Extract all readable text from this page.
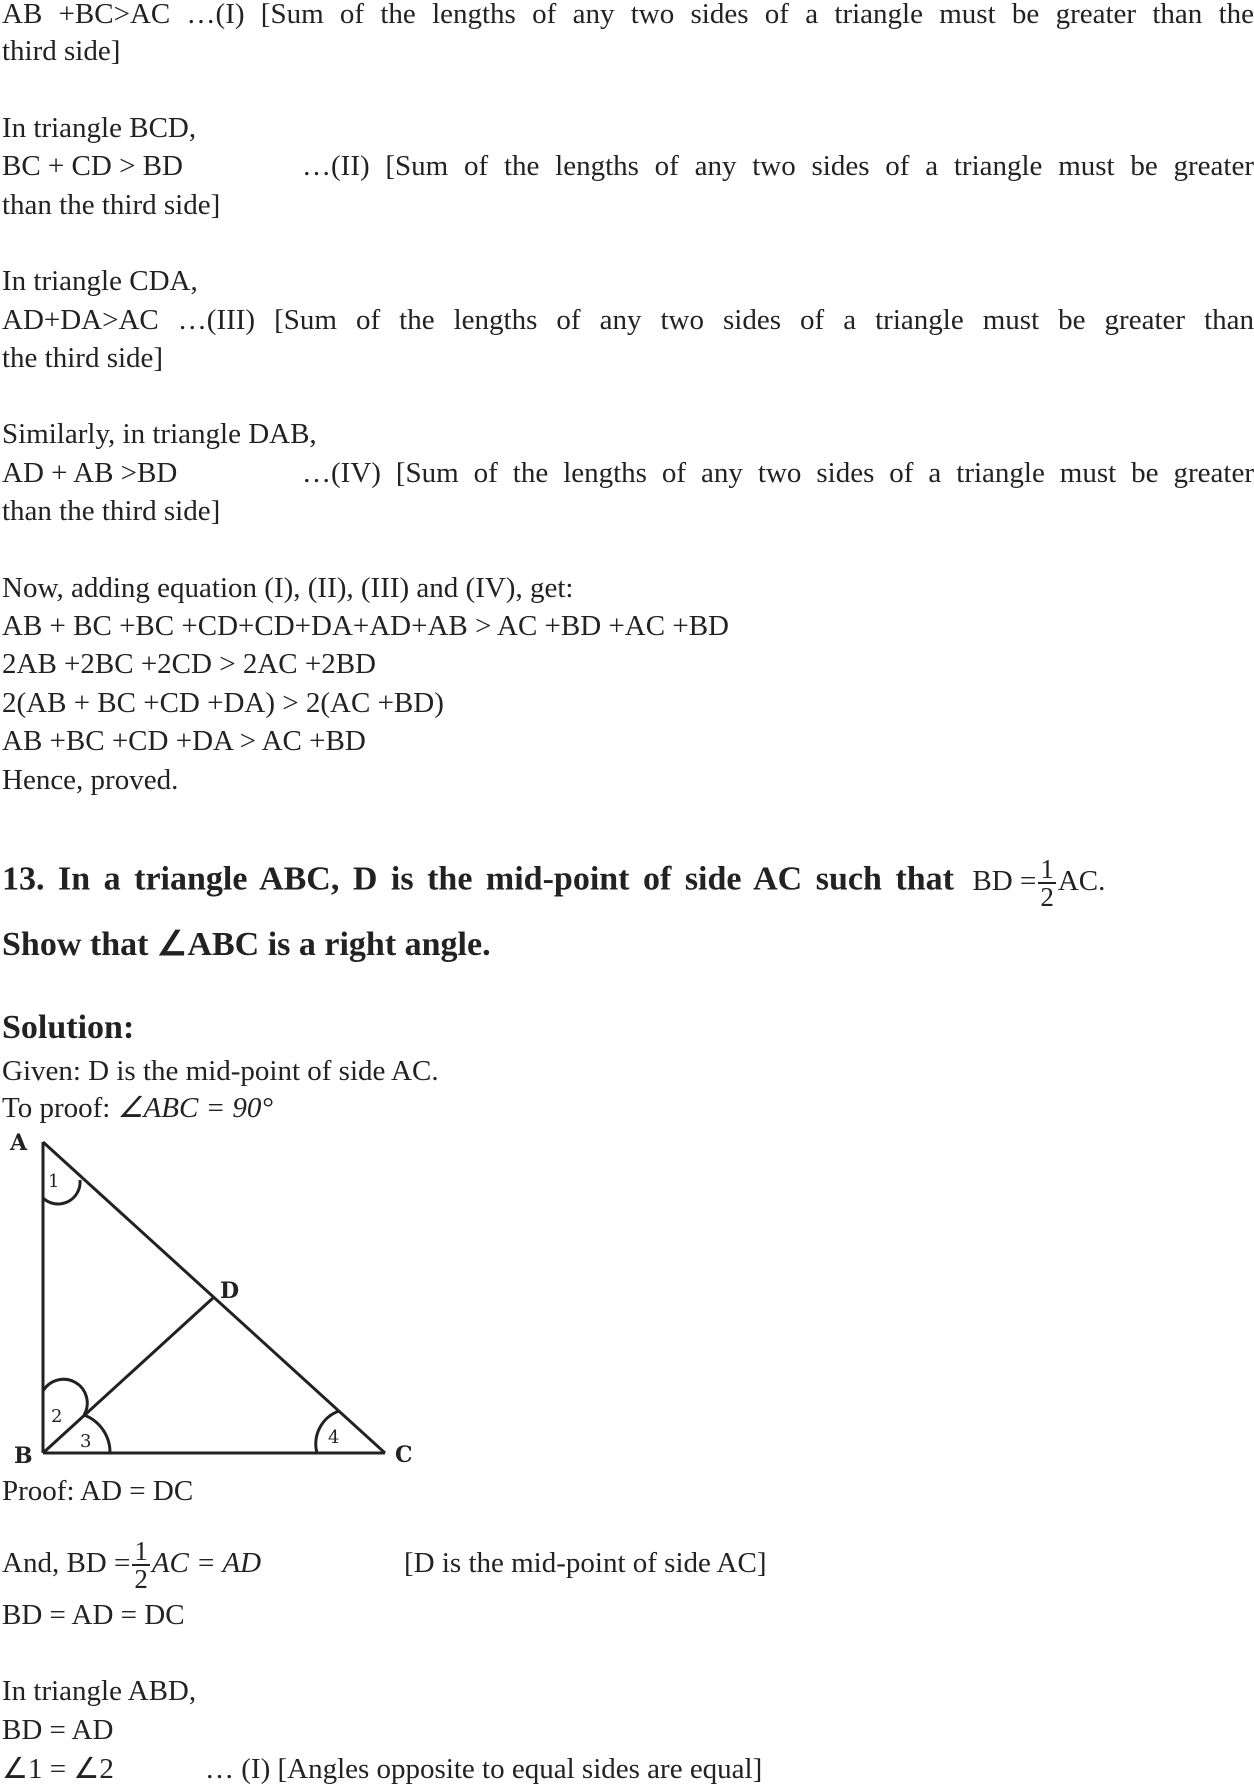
AB +BC>AC …(I) [Sum of the lengths of any two sides of a triangle must be greater than the
third side]
In triangle BCD,
BC + CD > BD	…(II) [Sum of the lengths of any two sides of a triangle must be greater
than the third side]
In triangle CDA,
AD+DA>AC …(III) [Sum of the lengths of any two sides of a triangle must be greater than
the third side]
Similarly, in triangle DAB,
AD + AB >BD	…(IV) [Sum of the lengths of any two sides of a triangle must be greater
than the third side]
Now, adding equation (I), (II), (III) and (IV), get:
AB + BC +BC +CD+CD+DA+AD+AB > AC +BD +AC +BD
2AB +2BC +2CD > 2AC +2BD
2(AB + BC +CD +DA) > 2(AC +BD)
AB +BC +CD +DA > AC +BD
Hence, proved.
13. In a triangle ABC, D is the mid-point of side AC such that BD = $\frac{1}{2}$ AC.
Show that ∠ABC is a right angle.
Solution:
Given: D is the mid-point of side AC.
To proof: ∠ABC = 90°
A
B	C
D
1
2
3	4
Proof: AD = DC
And, BD = $\frac{1}{2}$ AC = AD	[D is the mid-point of side AC]
BD = AD = DC
In triangle ABD,
BD = AD
∠1 = ∠2	… (I) [Angles opposite to equal sides are equal]
